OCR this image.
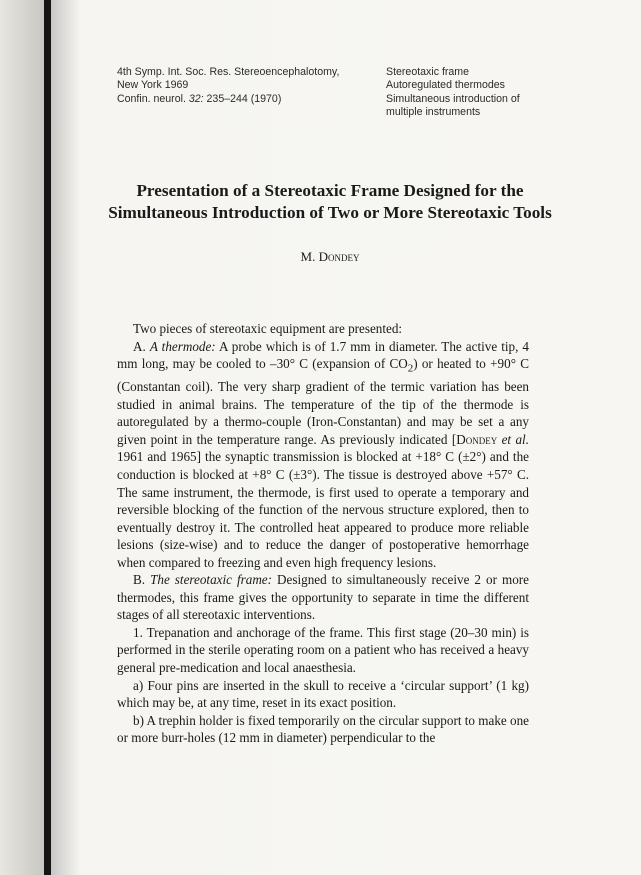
4th Symp. Int. Soc. Res. Stereoencephalotomy,
New York 1969
Confin. neurol. 32: 235–244 (1970)
Stereotaxic frame
Autoregulated thermodes
Simultaneous introduction of
multiple instruments
Presentation of a Stereotaxic Frame Designed for the
Simultaneous Introduction of Two or More Stereotaxic Tools
M. Dondey

Two pieces of stereotaxic equipment are presented:

A. A thermode: A probe which is of 1.7 mm in diameter. The active tip, 4 mm long, may be cooled to –30° C (expansion of $CO_2$) or heated to +90° C (Constantan coil). The very sharp gradient of the termic variation has been studied in animal brains. The temperature of the tip of the thermode is autoregulated by a thermo-couple (Iron-Constantan) and may be set a any given point in the temperature range. As previously indicated [Dondey et al. 1961 and 1965] the synaptic transmission is blocked at +18° C (±2°) and the conduction is blocked at +8° C (±3°). The tissue is destroyed above +57° C. The same instrument, the thermode, is first used to operate a temporary and reversible blocking of the function of the nervous structure explored, then to eventually destroy it. The controlled heat appeared to produce more reliable lesions (size-wise) and to reduce the danger of postoperative hemorrhage when compared to freezing and even high frequency lesions.

B. The stereotaxic frame: Designed to simultaneously receive 2 or more thermodes, this frame gives the opportunity to separate in time the different stages of all stereotaxic interventions.

1. Trepanation and anchorage of the frame. This first stage (20–30 min) is performed in the sterile operating room on a patient who has received a heavy general pre-medication and local anaesthesia.

a) Four pins are inserted in the skull to receive a ‘circular support’ (1 kg) which may be, at any time, reset in its exact position.

b) A trephin holder is fixed temporarily on the circular support to make one or more burr-holes (12 mm in diameter) perpendicular to the
